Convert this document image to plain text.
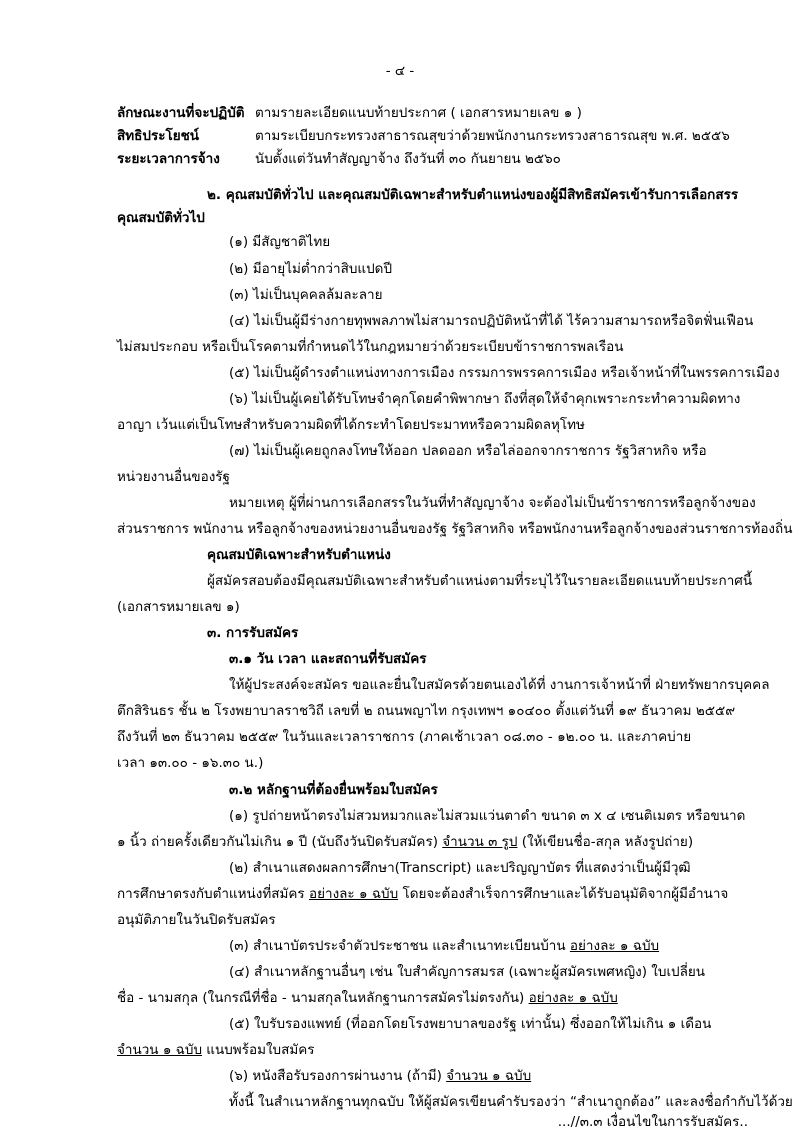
- ๔ -
ลักษณะงานที่จะปฏิบัติ ตามรายละเอียดแนบท้ายประกาศ ( เอกสารหมายเลข ๑ )
สิทธิประโยชน์	ตามระเบียบกระทรวงสาธารณสุขว่าด้วยพนักงานกระทรวงสาธารณสุข พ.ศ. ๒๕๕๖
ระยะเวลาการจ้าง	นับตั้งแต่วันทำสัญญาจ้าง ถึงวันที่ ๓๐ กันยายน ๒๕๖๐
๒. คุณสมบัติทั่วไป และคุณสมบัติเฉพาะสำหรับตำแหน่งของผู้มีสิทธิสมัครเข้ารับการเลือกสรร
คุณสมบัติทั่วไป
(๑) มีสัญชาติไทย
(๒) มีอายุไม่ต่ำกว่าสิบแปดปี
(๓) ไม่เป็นบุคคลล้มละลาย
(๔) ไม่เป็นผู้มีร่างกายทุพพลภาพไม่สามารถปฏิบัติหน้าที่ได้ ไร้ความสามารถหรือจิตฟั่นเฟือน
ไม่สมประกอบ หรือเป็นโรคตามที่กำหนดไว้ในกฎหมายว่าด้วยระเบียบข้าราชการพลเรือน
(๕) ไม่เป็นผู้ดำรงตำแหน่งทางการเมือง กรรมการพรรคการเมือง หรือเจ้าหน้าที่ในพรรคการเมือง
(๖) ไม่เป็นผู้เคยได้รับโทษจำคุกโดยคำพิพากษา ถึงที่สุดให้จำคุกเพราะกระทำความผิดทาง
อาญา เว้นแต่เป็นโทษสำหรับความผิดที่ได้กระทำโดยประมาทหรือความผิดลหุโทษ
(๗) ไม่เป็นผู้เคยถูกลงโทษให้ออก ปลดออก หรือไล่ออกจากราชการ รัฐวิสาหกิจ หรือ
หน่วยงานอื่นของรัฐ
หมายเหตุ ผู้ที่ผ่านการเลือกสรรในวันที่ทำสัญญาจ้าง จะต้องไม่เป็นข้าราชการหรือลูกจ้างของ
ส่วนราชการ พนักงาน หรือลูกจ้างของหน่วยงานอื่นของรัฐ รัฐวิสาหกิจ หรือพนักงานหรือลูกจ้างของส่วนราชการท้องถิ่น
คุณสมบัติเฉพาะสำหรับตำแหน่ง
ผู้สมัครสอบต้องมีคุณสมบัติเฉพาะสำหรับตำแหน่งตามที่ระบุไว้ในรายละเอียดแนบท้ายประกาศนี้
(เอกสารหมายเลข ๑)
๓. การรับสมัคร
๓.๑ วัน เวลา และสถานที่รับสมัคร
ให้ผู้ประสงค์จะสมัคร ขอและยื่นใบสมัครด้วยตนเองได้ที่ งานการเจ้าหน้าที่ ฝ่ายทรัพยากรบุคคล
ตึกสิรินธร ชั้น ๒ โรงพยาบาลราชวิถี เลขที่ ๒ ถนนพญาไท กรุงเทพฯ ๑๐๔๐๐ ตั้งแต่วันที่ ๑๙ ธันวาคม ๒๕๕๙
ถึงวันที่ ๒๓ ธันวาคม ๒๕๕๙ ในวันและเวลาราชการ (ภาคเช้าเวลา ๐๘.๓๐ - ๑๒.๐๐ น. และภาคบ่าย
เวลา ๑๓.๐๐ - ๑๖.๓๐ น.)
๓.๒ หลักฐานที่ต้องยื่นพร้อมใบสมัคร
(๑) รูปถ่ายหน้าตรงไม่สวมหมวกและไม่สวมแว่นตาดำ ขนาด ๓ x ๔ เซนติเมตร หรือขนาด
๑ นิ้ว ถ่ายครั้งเดียวกันไม่เกิน ๑ ปี (นับถึงวันปิดรับสมัคร) จำนวน ๓ รูป (ให้เขียนชื่อ-สกุล หลังรูปถ่าย)
(๒) สำเนาแสดงผลการศึกษา(Transcript) และปริญญาบัตร ที่แสดงว่าเป็นผู้มีวุฒิ
การศึกษาตรงกับตำแหน่งที่สมัคร อย่างละ ๑ ฉบับ โดยจะต้องสำเร็จการศึกษาและได้รับอนุมัติจากผู้มีอำนาจ
อนุมัติภายในวันปิดรับสมัคร
(๓) สำเนาบัตรประจำตัวประชาชน และสำเนาทะเบียนบ้าน อย่างละ ๑ ฉบับ
(๔) สำเนาหลักฐานอื่นๆ เช่น ใบสำคัญการสมรส (เฉพาะผู้สมัครเพศหญิง) ใบเปลี่ยน
ชื่อ - นามสกุล (ในกรณีที่ชื่อ - นามสกุลในหลักฐานการสมัครไม่ตรงกัน) อย่างละ ๑ ฉบับ
(๕) ใบรับรองแพทย์ (ที่ออกโดยโรงพยาบาลของรัฐ เท่านั้น) ซึ่งออกให้ไม่เกิน ๑ เดือน
จำนวน ๑ ฉบับ แนบพร้อมใบสมัคร
(๖) หนังสือรับรองการผ่านงาน (ถ้ามี) จำนวน ๑ ฉบับ
ทั้งนี้ ในสำเนาหลักฐานทุกฉบับ ให้ผู้สมัครเขียนคำรับรองว่า “สำเนาถูกต้อง” และลงชื่อกำกับไว้ด้วย
...//๓.๓ เงื่อนไขในการรับสมัคร..
